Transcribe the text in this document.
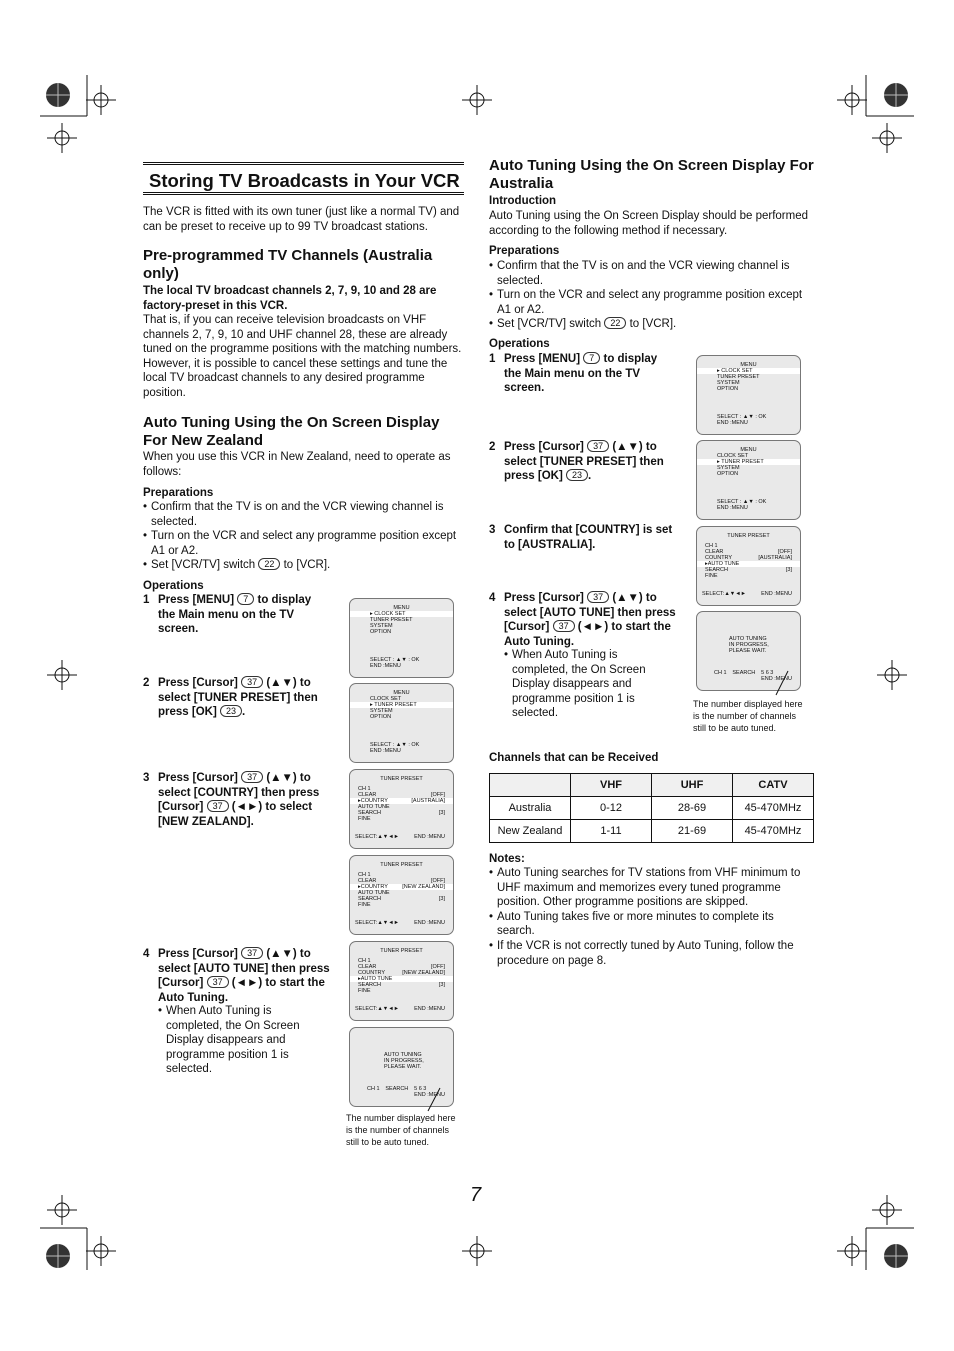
Storing TV Broadcasts in Your VCR

The VCR is fitted with its own tuner (just like a normal TV) and can be preset to receive up to 99 TV broadcast stations.

Pre-programmed TV Channels (Australia only)

The local TV broadcast channels 2, 7, 9, 10 and 28 are factory-preset in this VCR.

That is, if you can receive television broadcasts on VHF channels 2, 7, 9, 10 and UHF channel 28, these are already tuned on the programme positions with the matching numbers. However, it is possible to cancel these settings and tune the local TV broadcast channels to any desired programme position.

Auto Tuning Using the On Screen Display For New Zealand

When you use this VCR in New Zealand, need to operate as follows:

Preparations

• Confirm that the TV is on and the VCR viewing channel is selected.
• Turn on the VCR and select any programme position except A1 or A2.
• Set [VCR/TV] switch 22 to [VCR].

Operations

1 Press [MENU] 7 to display the Main menu on the TV screen.
2 Press [Cursor] 37 (▲▼) to select [TUNER PRESET] then press [OK] 23 .
3 Press [Cursor] 37 (▲▼) to select [COUNTRY] then press [Cursor] 37 (◄►) to select [NEW ZEALAND].
4 Press [Cursor] 37 (▲▼) to select [AUTO TUNE] then press [Cursor] 37 (◄►) to start the Auto Tuning.
• When Auto Tuning is completed, the On Screen Display disappears and programme position 1 is selected.
MENU
▸ CLOCK SET
TUNER PRESET
SYSTEM
OPTION
SELECT : ▲▼ : OK
END :MENU
MENU
CLOCK SET
▸ TUNER PRESET
SYSTEM
OPTION
SELECT : ▲▼ : OK
END :MENU
TUNER PRESET
CH 1
CLEAR	[OFF]
▸COUNTRY	[AUSTRALIA]
AUTO TUNE
SEARCH	[3]
FINE
SELECT:▲▼◄►	END :MENU
TUNER PRESET
CH 1
CLEAR	[OFF]
▸COUNTRY	[NEW ZEALAND]
AUTO TUNE
SEARCH	[3]
FINE
SELECT:▲▼◄►	END :MENU
TUNER PRESET
CH 1
CLEAR	[OFF]
COUNTRY	[NEW ZEALAND]
▸AUTO TUNE
SEARCH	[3]
FINE
SELECT:▲▼◄►	END :MENU
AUTO TUNING
IN PROGRESS,
PLEASE WAIT.
CH 1 SEARCH 5 6 3
END :MENU

The number displayed here is the number of channels still to be auto tuned.

Auto Tuning Using the On Screen Display For Australia

Introduction

Auto Tuning using the On Screen Display should be performed according to the following method if necessary.

Preparations

• Confirm that the TV is on and the VCR viewing channel is selected.
• Turn on the VCR and select any programme position except A1 or A2.
• Set [VCR/TV] switch 22 to [VCR].

Operations

1 Press [MENU] 7 to display the Main menu on the TV screen.
2 Press [Cursor] 37 (▲▼) to select [TUNER PRESET] then press [OK] 23 .
3 Confirm that [COUNTRY] is set to [AUSTRALIA].
4 Press [Cursor] 37 (▲▼) to select [AUTO TUNE] then press [Cursor] 37 (◄►) to start the Auto Tuning.
• When Auto Tuning is completed, the On Screen Display disappears and programme position 1 is selected.
MENU
▸ CLOCK SET
TUNER PRESET
SYSTEM
OPTION
SELECT : ▲▼ : OK
END :MENU
MENU
CLOCK SET
▸ TUNER PRESET
SYSTEM
OPTION
SELECT : ▲▼ : OK
END :MENU
TUNER PRESET
CH 1
CLEAR	[OFF]
COUNTRY	[AUSTRALIA]
▸AUTO TUNE
SEARCH	[3]
FINE
SELECT:▲▼◄►	END :MENU
AUTO TUNING
IN PROGRESS,
PLEASE WAIT.
CH 1 SEARCH 5 6 3
END :MENU

The number displayed here is the number of channels still to be auto tuned.

Channels that can be Received

	VHF	UHF	CATV
Australia	0-12	28-69	45-470MHz
New Zealand	1-11	21-69	45-470MHz

Notes:

• Auto Tuning searches for TV stations from VHF minimum to UHF maximum and memorizes every tuned programme position. Other programme positions are skipped.
• Auto Tuning takes five or more minutes to complete its search.
• If the VCR is not correctly tuned by Auto Tuning, follow the procedure on page 8.
7
